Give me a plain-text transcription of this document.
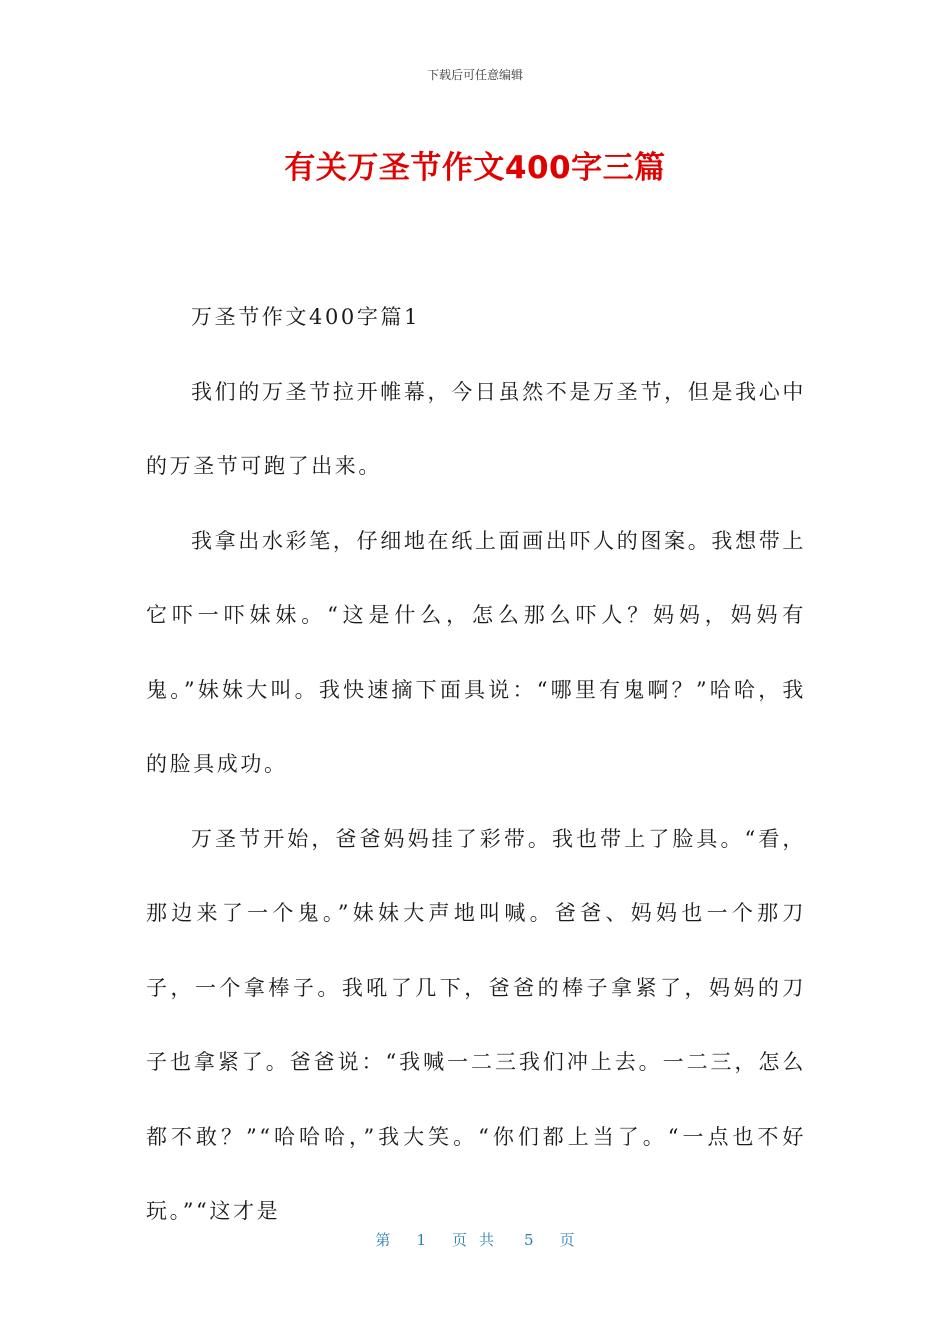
下载后可任意编辑
有关万圣节作文400字三篇

万圣节作文400字篇1

我们的万圣节拉开帷幕，今日虽然不是万圣节，但是我心中的万圣节可跑了出来。

我拿出水彩笔，仔细地在纸上面画出吓人的图案。我想带上它吓一吓妹妹。“这是什么，怎么那么吓人？妈妈，妈妈有鬼。”妹妹大叫。我快速摘下面具说：“哪里有鬼啊？”哈哈，我的脸具成功。

万圣节开始，爸爸妈妈挂了彩带。我也带上了脸具。“看，那边来了一个鬼。”妹妹大声地叫喊。爸爸、妈妈也一个那刀子，一个拿棒子。我吼了几下，爸爸的棒子拿紧了，妈妈的刀子也拿紧了。爸爸说：“我喊一二三我们冲上去。一二三，怎么都不敢？”“哈哈哈，”我大笑。“你们都上当了。“一点也不好玩。”“这才是

第 1 页共 5 页
